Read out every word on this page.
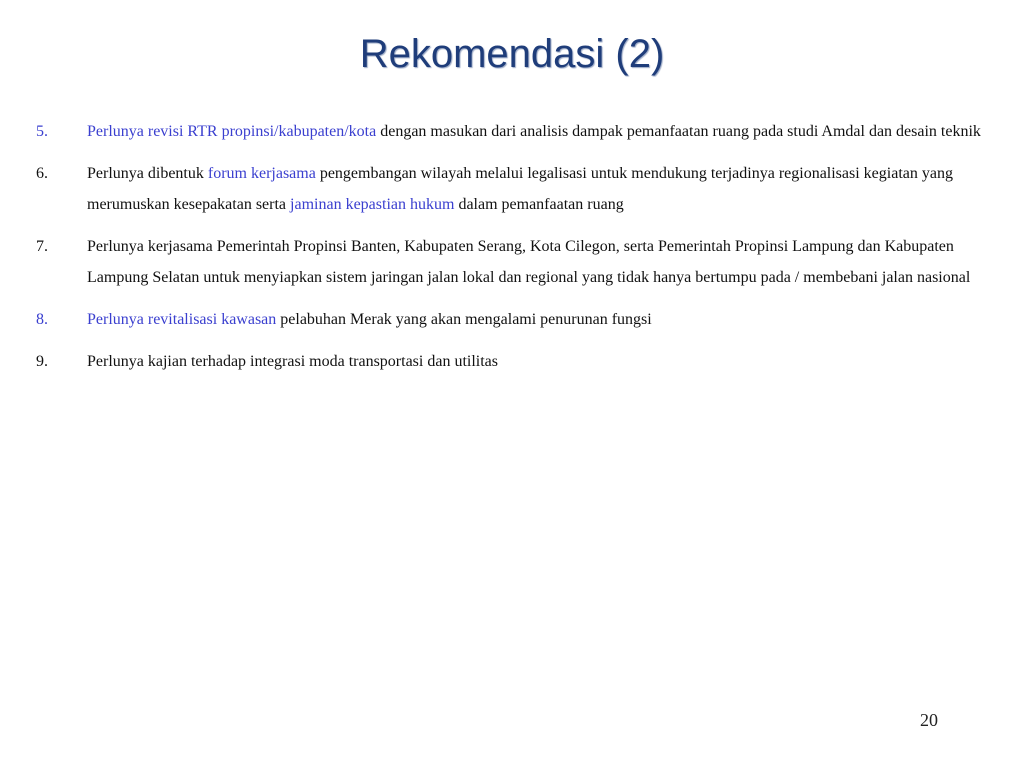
Rekomendasi (2)
5. Perlunya revisi RTR propinsi/kabupaten/kota dengan masukan dari analisis dampak pemanfaatan ruang pada studi Amdal dan desain teknik
6. Perlunya dibentuk forum kerjasama pengembangan wilayah melalui legalisasi untuk mendukung terjadinya regionalisasi kegiatan yang merumuskan kesepakatan serta jaminan kepastian hukum dalam pemanfaatan ruang
7. Perlunya kerjasama Pemerintah Propinsi Banten, Kabupaten Serang, Kota Cilegon, serta Pemerintah Propinsi Lampung dan Kabupaten Lampung Selatan untuk menyiapkan sistem jaringan jalan lokal dan regional yang tidak hanya bertumpu pada / membebani jalan nasional
8. Perlunya revitalisasi kawasan pelabuhan Merak yang akan mengalami penurunan fungsi
9. Perlunya kajian terhadap integrasi moda transportasi dan utilitas
20
